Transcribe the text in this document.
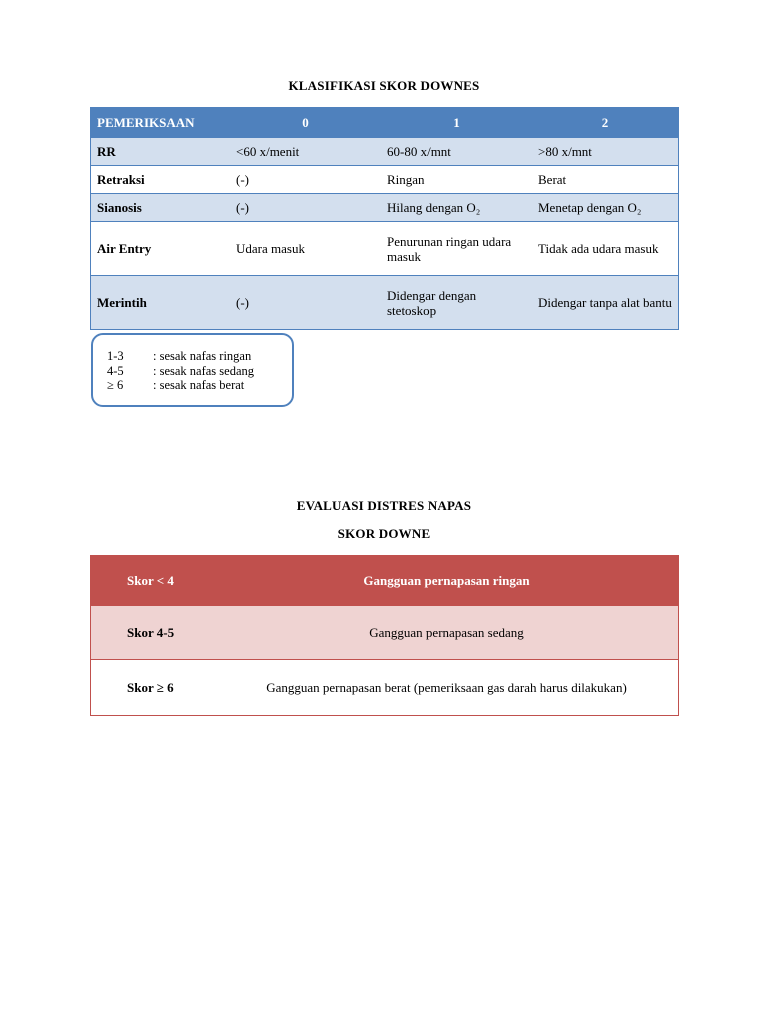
KLASIFIKASI SKOR DOWNES
PEMERIKSAAN	0	1	2
RR	<60 x/menit	60-80 x/mnt	>80 x/mnt
Retraksi	(-)	Ringan	Berat
Sianosis	(-)	Hilang dengan O₂	Menetap dengan O₂
Air Entry	Udara masuk	Penurunan ringan udara masuk	Tidak ada udara masuk
Merintih	(-)	Didengar dengan stetoskop	Didengar tanpa alat bantu
1-3	: sesak nafas ringan
4-5	: sesak nafas sedang
≥ 6	: sesak nafas berat
EVALUASI DISTRES NAPAS
SKOR DOWNE
Skor < 4	Gangguan pernapasan ringan
Skor 4-5	Gangguan pernapasan sedang
Skor ≥ 6	Gangguan pernapasan berat (pemeriksaan gas darah harus dilakukan)
